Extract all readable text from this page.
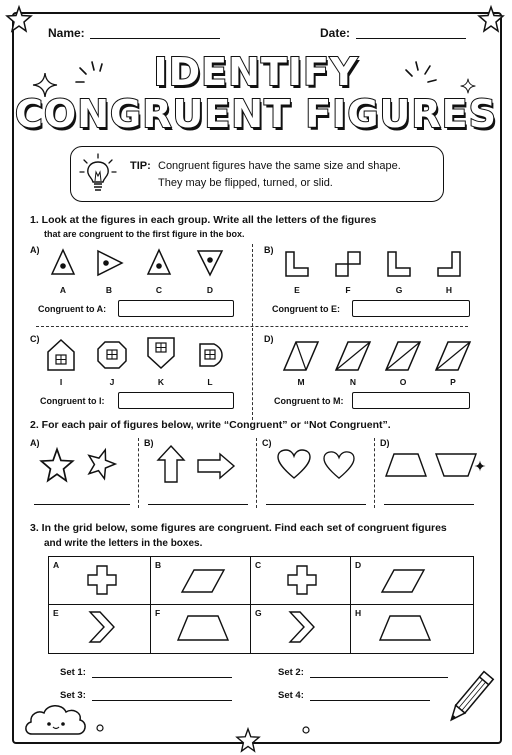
Name:	Date:
IDENTIFY
CONGRUENT FIGURES
TIP: Congruent figures have the same size and shape.
They may be flipped, turned, or slid.
1. Look at the figures in each group. Write all the letters of the figures
that are congruent to the first figure in the box.
A)
A	B	C	D
Congruent to A:
B)
E	F	G	H
Congruent to E:
C)
I	J	K	L
Congruent to I:
D)
M	N	O	P
Congruent to M:
2. For each pair of figures below, write “Congruent” or “Not Congruent”.
A)	B)	C)	D)
3. In the grid below, some figures are congruent. Find each set of congruent figures
and write the letters in the boxes.
A	B	C	D
E	F	G	H
Set 1:	Set 2:
Set 3:	Set 4:
